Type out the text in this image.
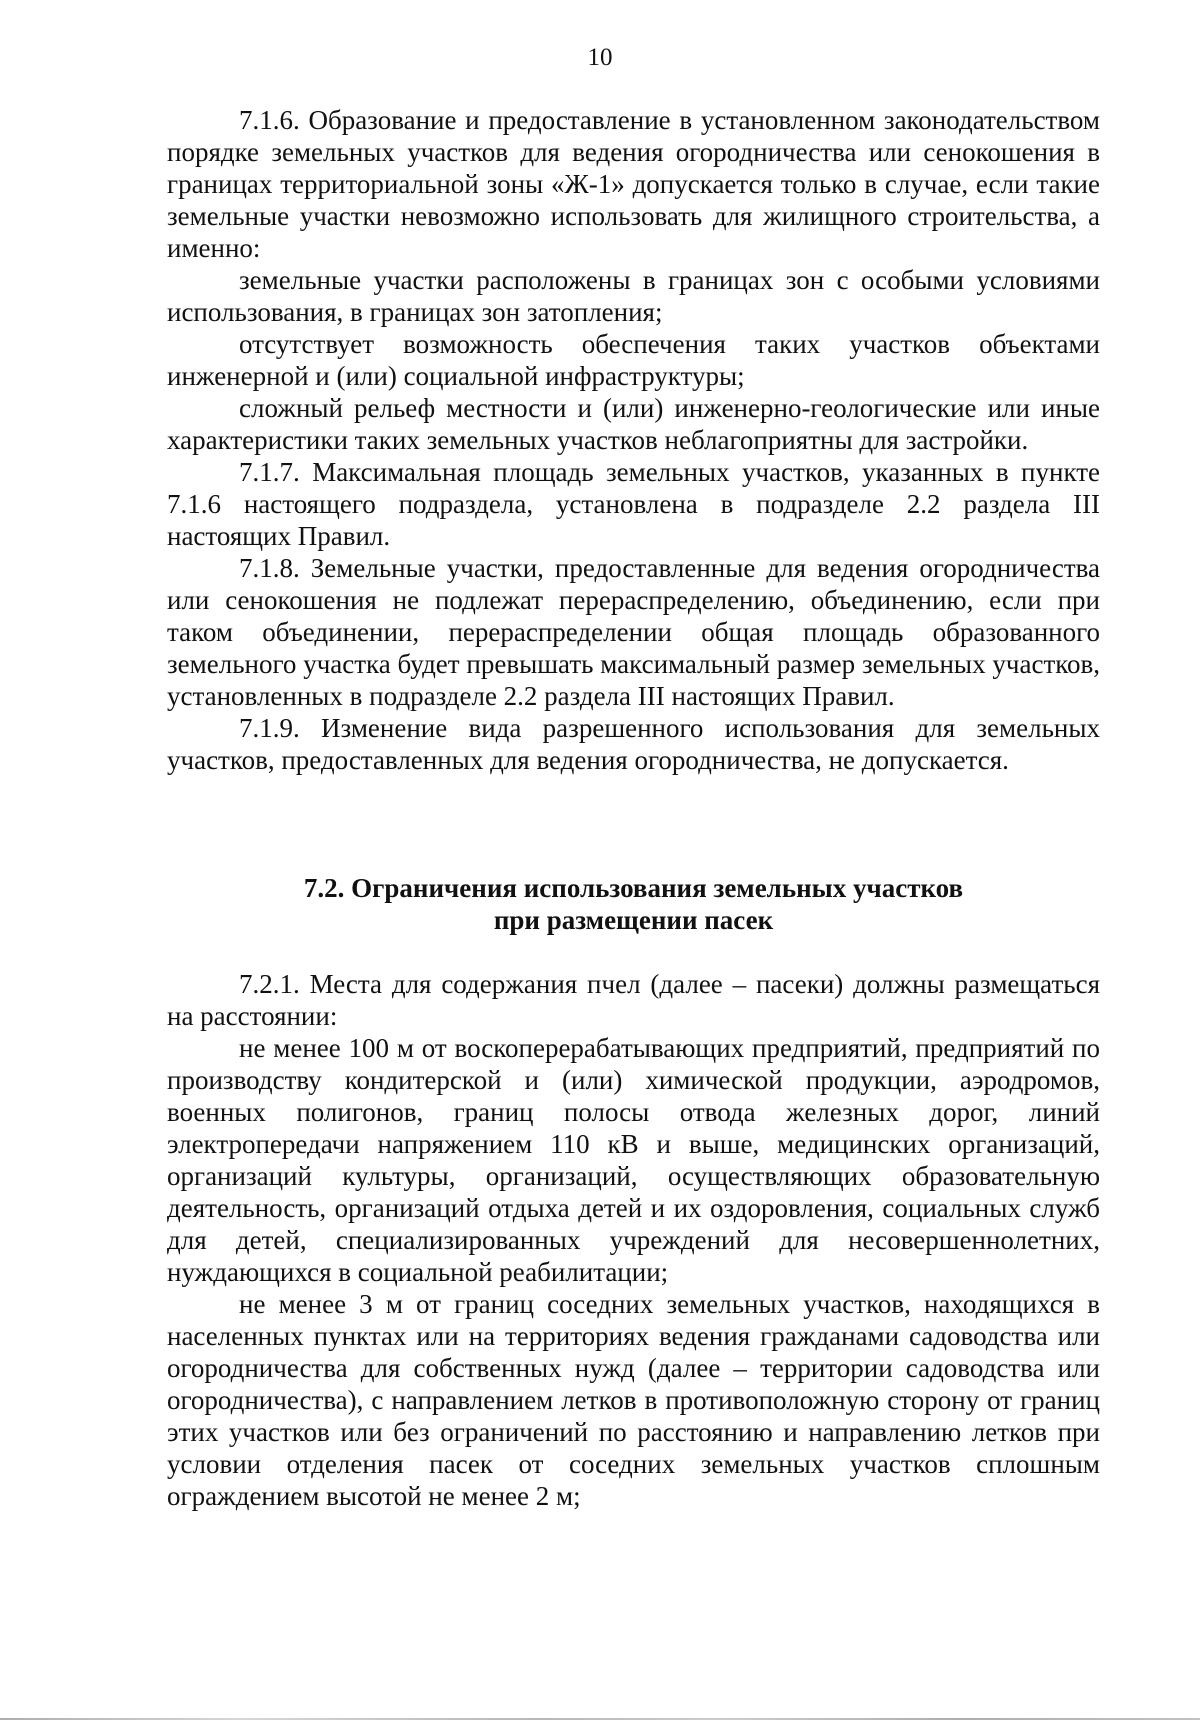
10

7.1.6. Образование и предоставление в установленном законодательством порядке земельных участков для ведения огородничества или сенокошения в границах территориальной зоны «Ж-1» допускается только в случае, если такие земельные участки невозможно использовать для жилищного строительства, а именно:

земельные участки расположены в границах зон с особыми условиями использования, в границах зон затопления;

отсутствует возможность обеспечения таких участков объектами инженерной и (или) социальной инфраструктуры;

сложный рельеф местности и (или) инженерно-геологические или иные характеристики таких земельных участков неблагоприятны для застройки.

7.1.7. Максимальная площадь земельных участков, указанных в пункте 7.1.6 настоящего подраздела, установлена в подразделе 2.2 раздела III настоящих Правил.

7.1.8. Земельные участки, предоставленные для ведения огородничества или сенокошения не подлежат перераспределению, объединению, если при таком объединении, перераспределении общая площадь образованного земельного участка будет превышать максимальный размер земельных участков, установленных в подразделе 2.2 раздела III настоящих Правил.

7.1.9. Изменение вида разрешенного использования для земельных участков, предоставленных для ведения огородничества, не допускается.

7.2. Ограничения использования земельных участков
при размещении пасек

7.2.1. Места для содержания пчел (далее – пасеки) должны размещаться на расстоянии:

не менее 100 м от воскоперерабатывающих предприятий, предприятий по производству кондитерской и (или) химической продукции, аэродромов, военных полигонов, границ полосы отвода железных дорог, линий электропередачи напряжением 110 кВ и выше, медицинских организаций, организаций культуры, организаций, осуществляющих образовательную деятельность, организаций отдыха детей и их оздоровления, социальных служб для детей, специализированных учреждений для несовершеннолетних, нуждающихся в социальной реабилитации;

не менее 3 м от границ соседних земельных участков, находящихся в населенных пунктах или на территориях ведения гражданами садоводства или огородничества для собственных нужд (далее – территории садоводства или огородничества), с направлением летков в противоположную сторону от границ этих участков или без ограничений по расстоянию и направлению летков при условии отделения пасек от соседних земельных участков сплошным ограждением высотой не менее 2 м;
